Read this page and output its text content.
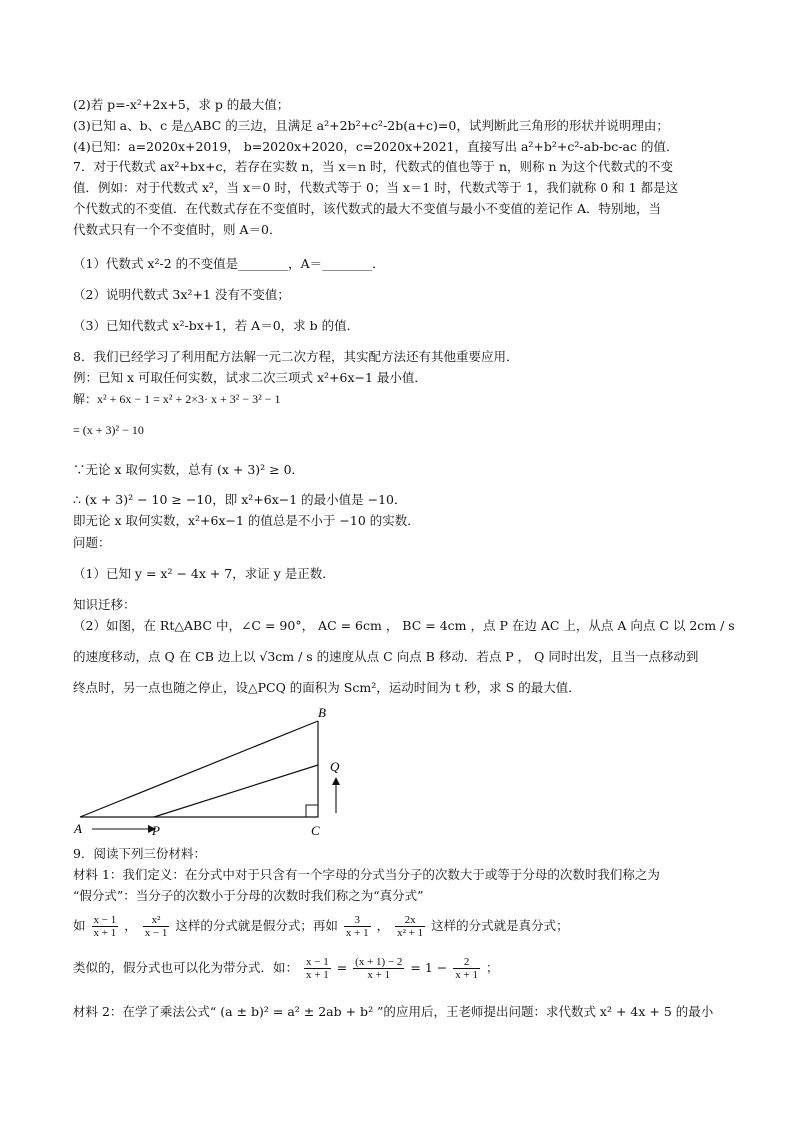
(2)若 p=-x²+2x+5，求 p 的最大值；
(3)已知 a、b、c 是△ABC 的三边，且满足 a²+2b²+c²-2b(a+c)=0，试判断此三角形的形状并说明理由；
(4)已知：a=2020x+2019， b=2020x+2020，c=2020x+2021，直接写出 a²+b²+c²-ab-bc-ac 的值．
7．对于代数式 ax²+bx+c，若存在实数 n，当 x＝n 时，代数式的值也等于 n，则称 n 为这个代数式的不变
值．例如：对于代数式 x²，当 x＝0 时，代数式等于 0；当 x＝1 时，代数式等于 1，我们就称 0 和 1 都是这
个代数式的不变值．在代数式存在不变值时，该代数式的最大不变值与最小不变值的差记作 A．特别地，当
代数式只有一个不变值时，则 A＝0．
（1）代数式 x²-2 的不变值是________，A＝________．
（2）说明代数式 3x²+1 没有不变值；
（3）已知代数式 x²-bx+1，若 A＝0，求 b 的值．
8．我们已经学习了利用配方法解一元二次方程，其实配方法还有其他重要应用．
例：已知 x 可取任何实数，试求二次三项式 x²+6x−1 最小值．
解：x² + 6x − 1 = x² + 2×3· x + 3² − 3² − 1
= (x + 3)² − 10
∵无论 x 取何实数，总有 (x + 3)² ≥ 0．
∴ (x + 3)² − 10 ≥ −10，即 x²+6x−1 的最小值是 −10．
即无论 x 取何实数，x²+6x−1 的值总是不小于 −10 的实数．
问题：
（1）已知 y = x² − 4x + 7，求证 y 是正数．
知识迁移：
（2）如图，在 Rt△ABC 中，∠C = 90°， AC = 6cm ， BC = 4cm ，点 P 在边 AC 上，从点 A 向点 C 以 2cm / s
的速度移动，点 Q 在 CB 边上以 √3cm / s 的速度从点 C 向点 B 移动．若点 P ， Q 同时出发，且当一点移动到
终点时，另一点也随之停止，设△PCQ 的面积为 Scm²，运动时间为 t 秒，求 S 的最大值．
A
B
C
P
Q
9．阅读下列三份材料：
材料 1：我们定义：在分式中对于只含有一个字母的分式当分子的次数大于或等于分母的次数时我们称之为
“假分式”：当分子的次数小于分母的次数时我们称之为“真分式”
如 $\frac{x - 1}{x + 1}$ ， $\frac{\text{x²}}{x - 1}$ 这样的分式就是假分式；再如 $\frac{3}{x + 1}$ ， $\frac{2x}{\text{x² + 1}}$ 这样的分式就是真分式；
类似的，假分式也可以化为带分式．如： $\frac{x - 1}{x + 1} = \frac{(x + 1) - 2}{x + 1} = 1 - \frac{2}{x + 1}$ ；
材料 2：在学了乘法公式“ (a ± b)² = a² ± 2ab + b² ”的应用后，王老师提出问题：求代数式 x² + 4x + 5 的最小
